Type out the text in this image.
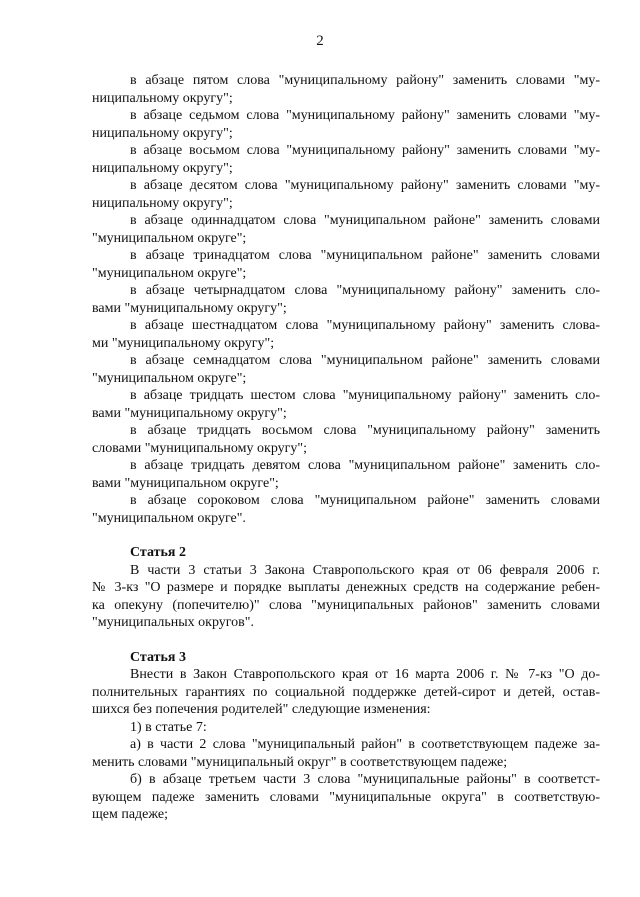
2
в абзаце пятом слова "муниципальному району" заменить словами "му-
ниципальному округу";
в абзаце седьмом слова "муниципальному району" заменить словами "му-
ниципальному округу";
в абзаце восьмом слова "муниципальному району" заменить словами "му-
ниципальному округу";
в абзаце десятом слова "муниципальному району" заменить словами "му-
ниципальному округу";
в абзаце одиннадцатом слова "муниципальном районе" заменить словами
"муниципальном округе";
в абзаце тринадцатом слова "муниципальном районе" заменить словами
"муниципальном округе";
в абзаце четырнадцатом слова "муниципальному району" заменить сло-
вами "муниципальному округу";
в абзаце шестнадцатом слова "муниципальному району" заменить слова-
ми "муниципальному округу";
в абзаце семнадцатом слова "муниципальном районе" заменить словами
"муниципальном округе";
в абзаце тридцать шестом слова "муниципальному району" заменить сло-
вами "муниципальному округу";
в абзаце тридцать восьмом слова "муниципальному району" заменить
словами "муниципальному округу";
в абзаце тридцать девятом слова "муниципальном районе" заменить сло-
вами "муниципальном округе";
в абзаце сороковом слова "муниципальном районе" заменить словами
"муниципальном округе".
Статья 2
В части 3 статьи 3 Закона Ставропольского края от 06 февраля 2006 г.
№ 3-кз "О размере и порядке выплаты денежных средств на содержание ребен-
ка опекуну (попечителю)" слова "муниципальных районов" заменить словами
"муниципальных округов".
Статья 3
Внести в Закон Ставропольского края от 16 марта 2006 г. № 7-кз "О до-
полнительных гарантиях по социальной поддержке детей-сирот и детей, остав-
шихся без попечения родителей" следующие изменения:
1) в статье 7:
а) в части 2 слова "муниципальный район" в соответствующем падеже за-
менить словами "муниципальный округ" в соответствующем падеже;
б) в абзаце третьем части 3 слова "муниципальные районы" в соответст-
вующем падеже заменить словами "муниципальные округа" в соответствую-
щем падеже;
